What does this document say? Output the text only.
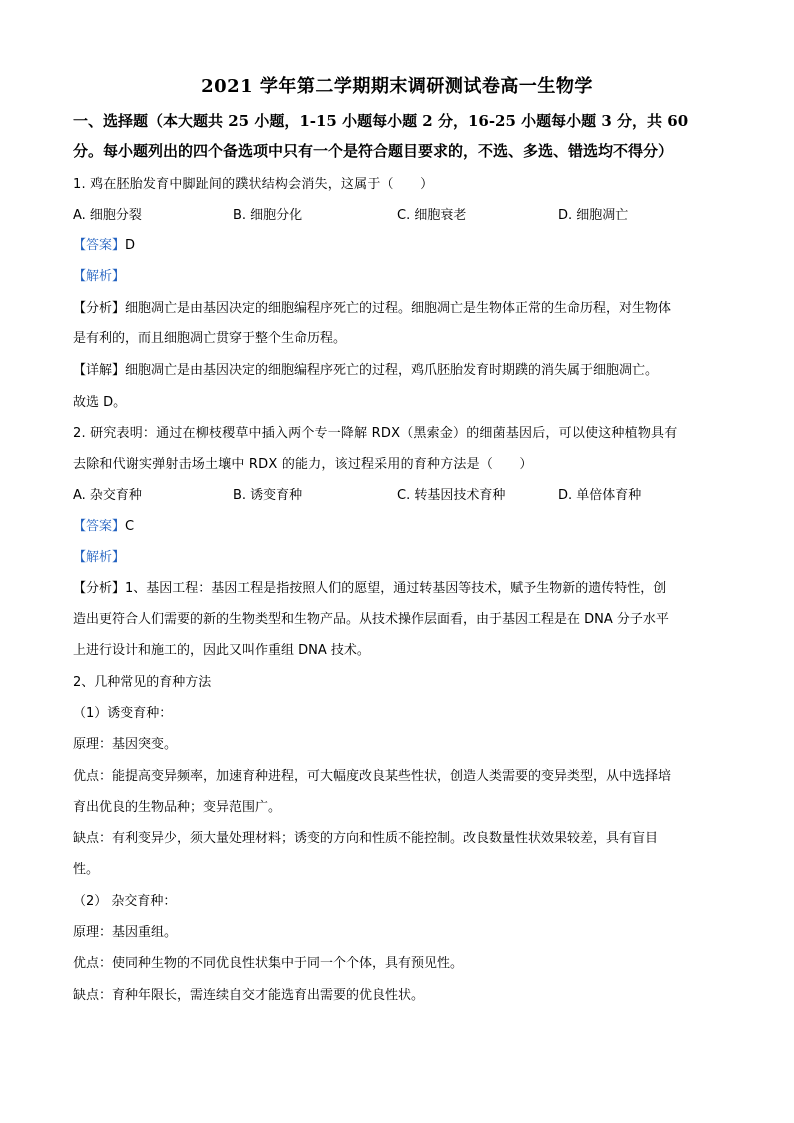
2021 学年第二学期期末调研测试卷高一生物学
一、选择题（本大题共 25 小题，1-15 小题每小题 2 分，16-25 小题每小题 3 分，共 60
分。每小题列出的四个备选项中只有一个是符合题目要求的，不选、多选、错选均不得分）
1. 鸡在胚胎发育中脚趾间的蹼状结构会消失，这属于（　　）
A. 细胞分裂	B. 细胞分化	C. 细胞衰老	D. 细胞凋亡
【答案】D
【解析】
【分析】细胞凋亡是由基因决定的细胞编程序死亡的过程。细胞凋亡是生物体正常的生命历程，对生物体
是有利的，而且细胞凋亡贯穿于整个生命历程。
【详解】细胞凋亡是由基因决定的细胞编程序死亡的过程，鸡爪胚胎发育时期蹼的消失属于细胞凋亡。
故选 D。
2. 研究表明：通过在柳枝稷草中插入两个专一降解 RDX（黑索金）的细菌基因后，可以使这种植物具有
去除和代谢实弹射击场土壤中 RDX 的能力，该过程采用的育种方法是（　　）
A. 杂交育种	B. 诱变育种	C. 转基因技术育种	D. 单倍体育种
【答案】C
【解析】
【分析】1、基因工程：基因工程是指按照人们的愿望，通过转基因等技术，赋予生物新的遗传特性，创
造出更符合人们需要的新的生物类型和生物产品。从技术操作层面看，由于基因工程是在 DNA 分子水平
上进行设计和施工的，因此又叫作重组 DNA 技术。
2、几种常见的育种方法
（1）诱变育种：
原理：基因突变。
优点：能提高变异频率，加速育种进程，可大幅度改良某些性状，创造人类需要的变异类型，从中选择培
育出优良的生物品种；变异范围广。
缺点：有利变异少，须大量处理材料；诱变的方向和性质不能控制。改良数量性状效果较差，具有盲目
性。
（2） 杂交育种：
原理：基因重组。
优点：使同种生物的不同优良性状集中于同一个个体，具有预见性。
缺点：育种年限长，需连续自交才能选育出需要的优良性状。
